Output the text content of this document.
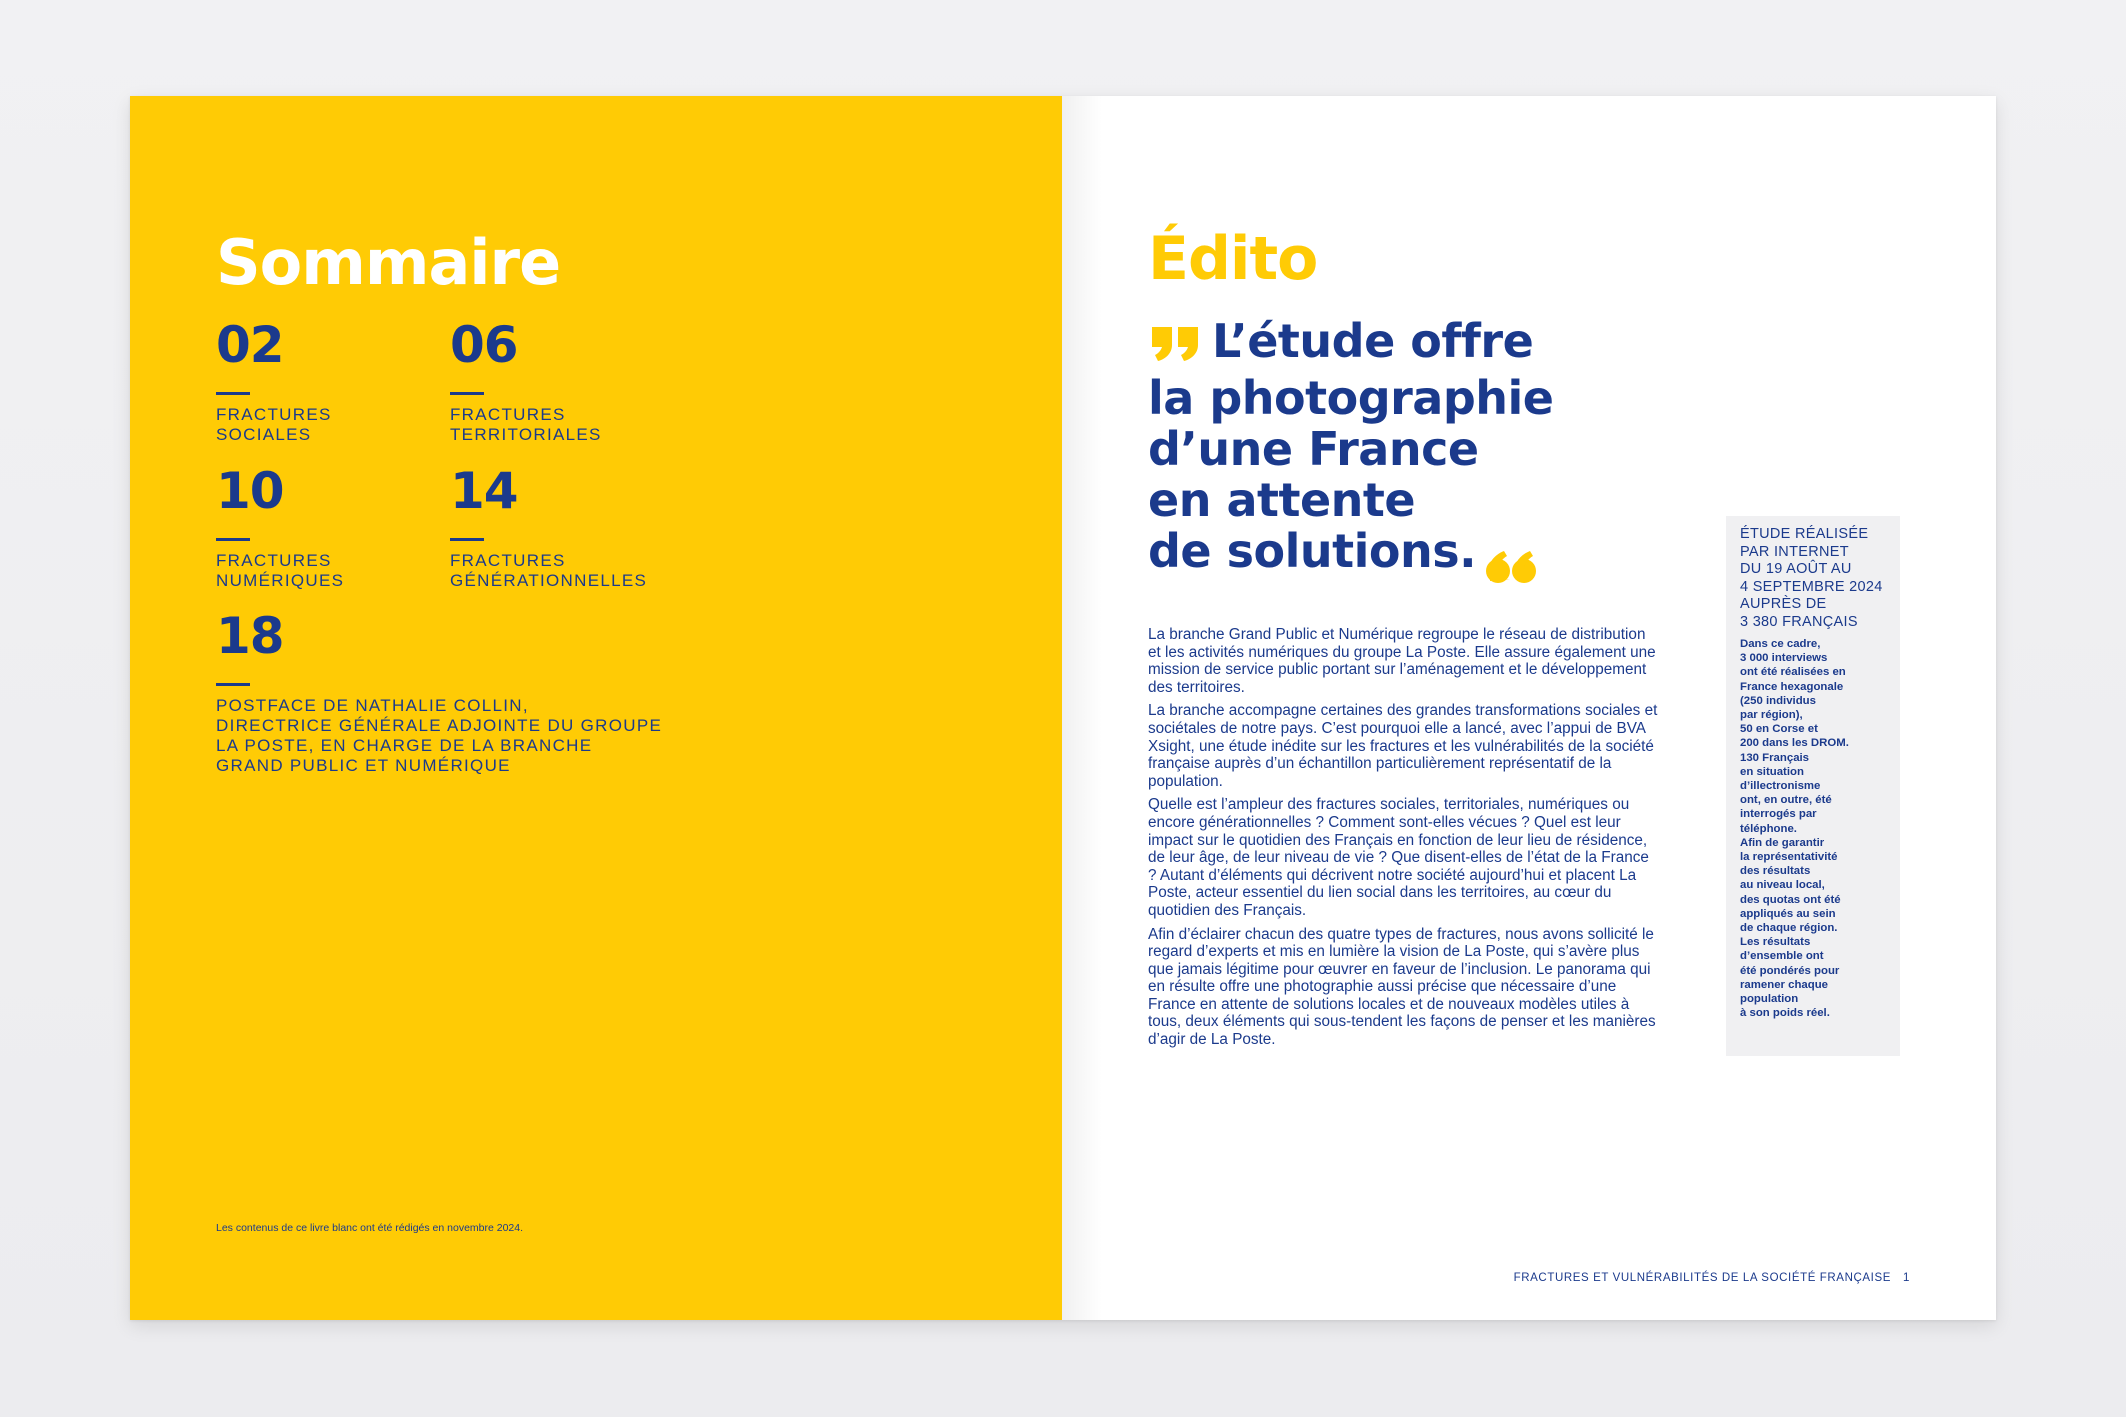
Sommaire
02
FRACTURES
SOCIALES
06
FRACTURES
TERRITORIALES
10
FRACTURES
NUMÉRIQUES
14
FRACTURES
GÉNÉRATIONNELLES
18
POSTFACE DE NATHALIE COLLIN,
DIRECTRICE GÉNÉRALE ADJOINTE DU GROUPE
LA POSTE, EN CHARGE DE LA BRANCHE
GRAND PUBLIC ET NUMÉRIQUE
Les contenus de ce livre blanc ont été rédigés en novembre 2024.
Édito
L’étude offre
la photographie
d’une France
en attente
de solutions.

La branche Grand Public et Numérique regroupe le réseau de distribution et les activités numériques du groupe La Poste. Elle assure également une mission de service public portant sur l’aménagement et le développement des territoires.

La branche accompagne certaines des grandes transformations sociales et sociétales de notre pays. C’est pourquoi elle a lancé, avec l’appui de BVA Xsight, une étude inédite sur les fractures et les vulnérabilités de la société française auprès d’un échantillon particulièrement représentatif de la population.

Quelle est l’ampleur des fractures sociales, territoriales, numériques ou encore générationnelles ? Comment sont-elles vécues ? Quel est leur impact sur le quotidien des Français en fonction de leur lieu de résidence, de leur âge, de leur niveau de vie ? Que disent-elles de l’état de la France ? Autant d’éléments qui décrivent notre société aujourd’hui et placent La Poste, acteur essentiel du lien social dans les territoires, au cœur du quotidien des Français.

Afin d’éclairer chacun des quatre types de fractures, nous avons sollicité le regard d’experts et mis en lumière la vision de La Poste, qui s’avère plus que jamais légitime pour œuvrer en faveur de l’inclusion. Le panorama qui en résulte offre une photographie aussi précise que nécessaire d’une France en attente de solutions locales et de nouveaux modèles utiles à tous, deux éléments qui sous-tendent les façons de penser et les manières d’agir de La Poste.

ÉTUDE RÉALISÉE
PAR INTERNET
DU 19 AOÛT AU
4 SEPTEMBRE 2024
AUPRÈS DE
3 380 FRANÇAIS
Dans ce cadre,
3 000 interviews
ont été réalisées en
France hexagonale
(250 individus
par région),
50 en Corse et
200 dans les DROM.
130 Français
en situation
d’illectronisme
ont, en outre, été
interrogés par
téléphone.
Afin de garantir
la représentativité
des résultats
au niveau local,
des quotas ont été
appliqués au sein
de chaque région.
Les résultats
d’ensemble ont
été pondérés pour
ramener chaque
population
à son poids réel.
FRACTURES ET VULNÉRABILITÉS DE LA SOCIÉTÉ FRANÇAISE 1
